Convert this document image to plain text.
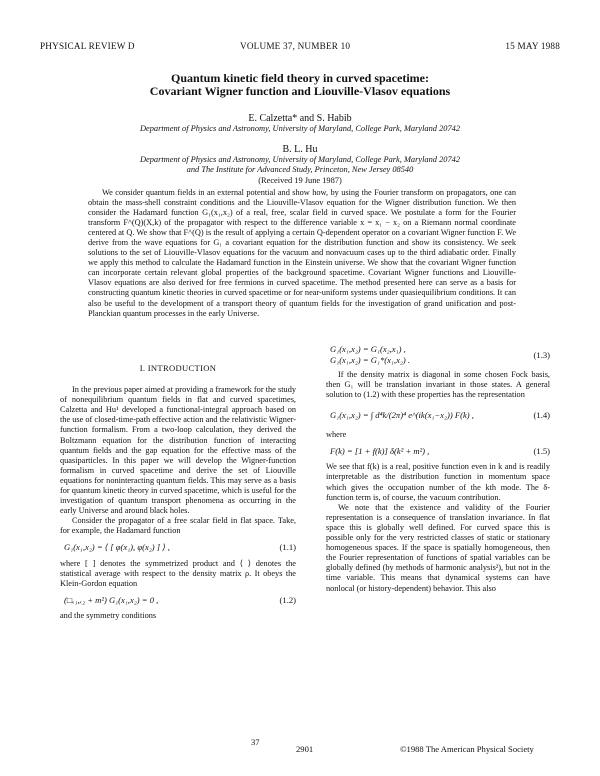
PHYSICAL REVIEW D	VOLUME 37, NUMBER 10	15 MAY 1988
Quantum kinetic field theory in curved spacetime:
Covariant Wigner function and Liouville-Vlasov equations
E. Calzetta* and S. Habib
Department of Physics and Astronomy, University of Maryland, College Park, Maryland 20742
B. L. Hu
Department of Physics and Astronomy, University of Maryland, College Park, Maryland 20742
and The Institute for Advanced Study, Princeton, New Jersey 08540
(Received 19 June 1987)
We consider quantum fields in an external potential and show how, by using the Fourier transform on propagators, one can obtain the mass-shell constraint conditions and the Liouville-Vlasov equation for the Wigner distribution function. We then consider the Hadamard function G₁(x₁,x₂) of a real, free, scalar field in curved space. We postulate a form for the Fourier transform F^(Q)(X,k) of the propagator with respect to the difference variable x = x₁ − x₂ on a Riemann normal coordinate centered at Q. We show that F^(Q) is the result of applying a certain Q-dependent operator on a covariant Wigner function F. We derive from the wave equations for G₁ a covariant equation for the distribution function and show its consistency. We seek solutions to the set of Liouville-Vlasov equations for the vacuum and nonvacuum cases up to the third adiabatic order. Finally we apply this method to calculate the Hadamard function in the Einstein universe. We show that the covariant Wigner function can incorporate certain relevant global properties of the background spacetime. Covariant Wigner functions and Liouville-Vlasov equations are also derived for free fermions in curved spacetime. The method presented here can serve as a basis for constructing quantum kinetic theories in curved spacetime or for near-uniform systems under quasiequilibrium conditions. It can also be useful to the development of a transport theory of quantum fields for the investigation of grand unification and post-Planckian quantum processes in the early Universe.
I. INTRODUCTION

In the previous paper aimed at providing a framework for the study of nonequilibrium quantum fields in flat and curved spacetimes, Calzetta and Hu¹ developed a functional-integral approach based on the use of closed-time-path effective action and the relativistic Wigner-function formalism. From a two-loop calculation, they derived the Boltzmann equation for the distribution function of interacting quantum fields and the gap equation for the effective mass of the quasiparticles. In this paper we will develop the Wigner-function formalism in curved spacetime and derive the set of Liouville equations for noninteracting quantum fields. This may serve as a basis for quantum kinetic theory in curved spacetime, which is useful for the investigation of quantum transport phenomena as occurring in the early Universe and around black holes.

Consider the propagator of a free scalar field in flat space. Take, for example, the Hadamard function

G₁(x₁,x₂) = ⟨ [ φ(x₁), φ(x₂) ] ⟩ ,	(1.1)

where [ ] denotes the symmetrized product and ⟨ ⟩ denotes the statistical average with respect to the density matrix ρ. It obeys the Klein-Gordon equation

(□ₓ₁,ₓ₂ + m²) G₁(x₁,x₂) = 0 ,	(1.2)

and the symmetry conditions

G₁(x₁,x₂) = G₁(x₂,x₁) ,
G₁(x₁,x₂) = G₁*(x₁,x₂) .
(1.3)

If the density matrix is diagonal in some chosen Fock basis, then G₁ will be translation invariant in those states. A general solution to (1.2) with these properties has the representation

G₁(x₁,x₂) = ∫ d⁴k/(2π)⁴ e^(ik(x₁−x₂)) F(k) ,	(1.4)

where

F(k) = [1 + f(k)] δ(k² + m²) ,	(1.5)

We see that f(k) is a real, positive function even in k and is readily interpretable as the distribution function in momentum space which gives the occupation number of the kth mode. The δ-function term is, of course, the vacuum contribution.

We note that the existence and validity of the Fourier representation is a consequence of translation invariance. In flat space this is globally well defined. For curved space this is possible only for the very restricted classes of static or stationary homogeneous spaces. If the space is spatially homogeneous, then the Fourier representation of functions of spatial variables can be globally defined (by methods of harmonic analysis²), but not in the time variable. This means that dynamical systems can have nonlocal (or history-dependent) behavior. This also

37
2901	©1988 The American Physical Society
